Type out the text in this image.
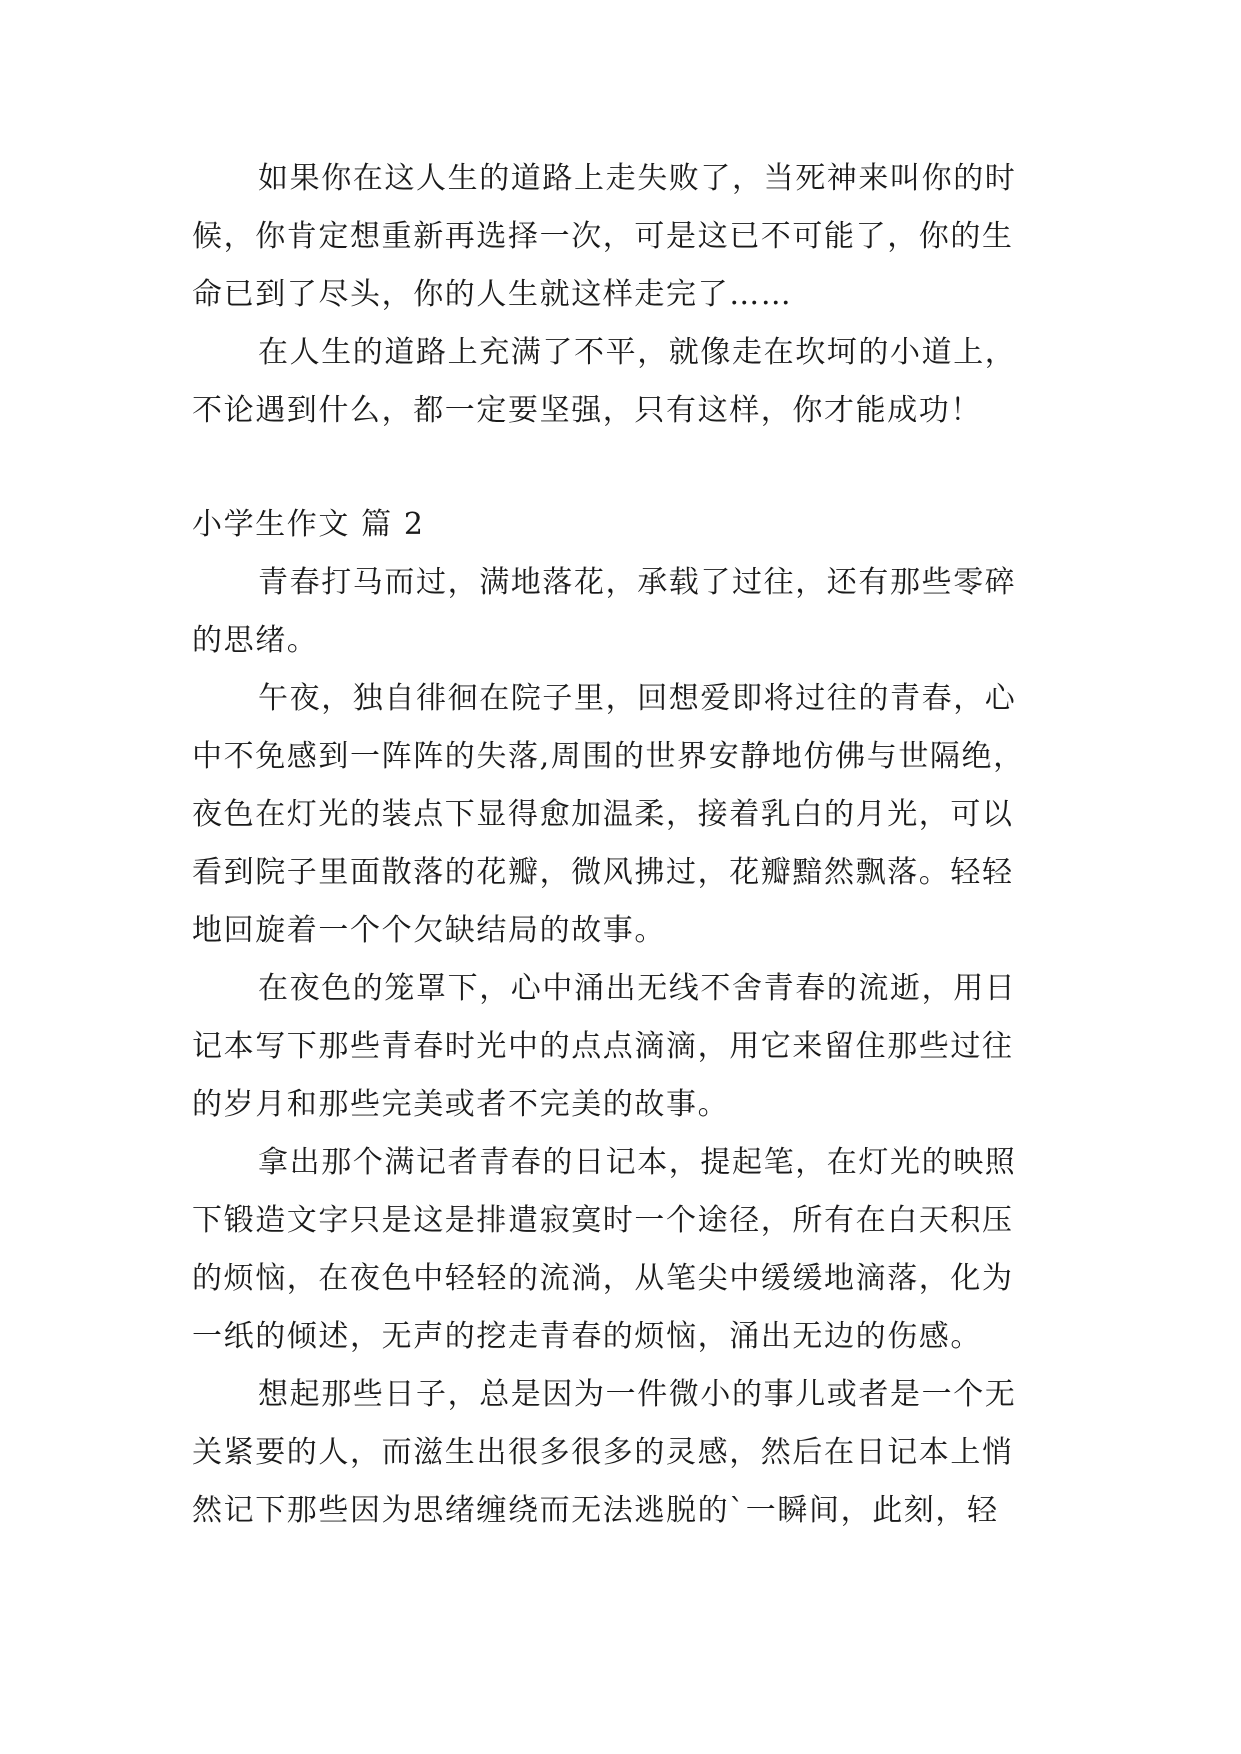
如果你在这人生的道路上走失败了，当死神来叫你的时
候，你肯定想重新再选择一次，可是这已不可能了，你的生
命已到了尽头，你的人生就这样走完了……
在人生的道路上充满了不平，就像走在坎坷的小道上，
不论遇到什么，都一定要坚强，只有这样，你才能成功！
小学生作文 篇 2
青春打马而过，满地落花，承载了过往，还有那些零碎
的思绪。
午夜，独自徘徊在院子里，回想爱即将过往的青春，心
中不免感到一阵阵的失落,周围的世界安静地仿佛与世隔绝，
夜色在灯光的装点下显得愈加温柔，接着乳白的月光，可以
看到院子里面散落的花瓣，微风拂过，花瓣黯然飘落。轻轻
地回旋着一个个欠缺结局的故事。
在夜色的笼罩下，心中涌出无线不舍青春的流逝，用日
记本写下那些青春时光中的点点滴滴，用它来留住那些过往
的岁月和那些完美或者不完美的故事。
拿出那个满记者青春的日记本，提起笔，在灯光的映照
下锻造文字只是这是排遣寂寞时一个途径，所有在白天积压
的烦恼，在夜色中轻轻的流淌，从笔尖中缓缓地滴落，化为
一纸的倾述，无声的挖走青春的烦恼，涌出无边的伤感。
想起那些日子，总是因为一件微小的事儿或者是一个无
关紧要的人，而滋生出很多很多的灵感，然后在日记本上悄
然记下那些因为思绪缠绕而无法逃脱的`一瞬间，此刻，轻
